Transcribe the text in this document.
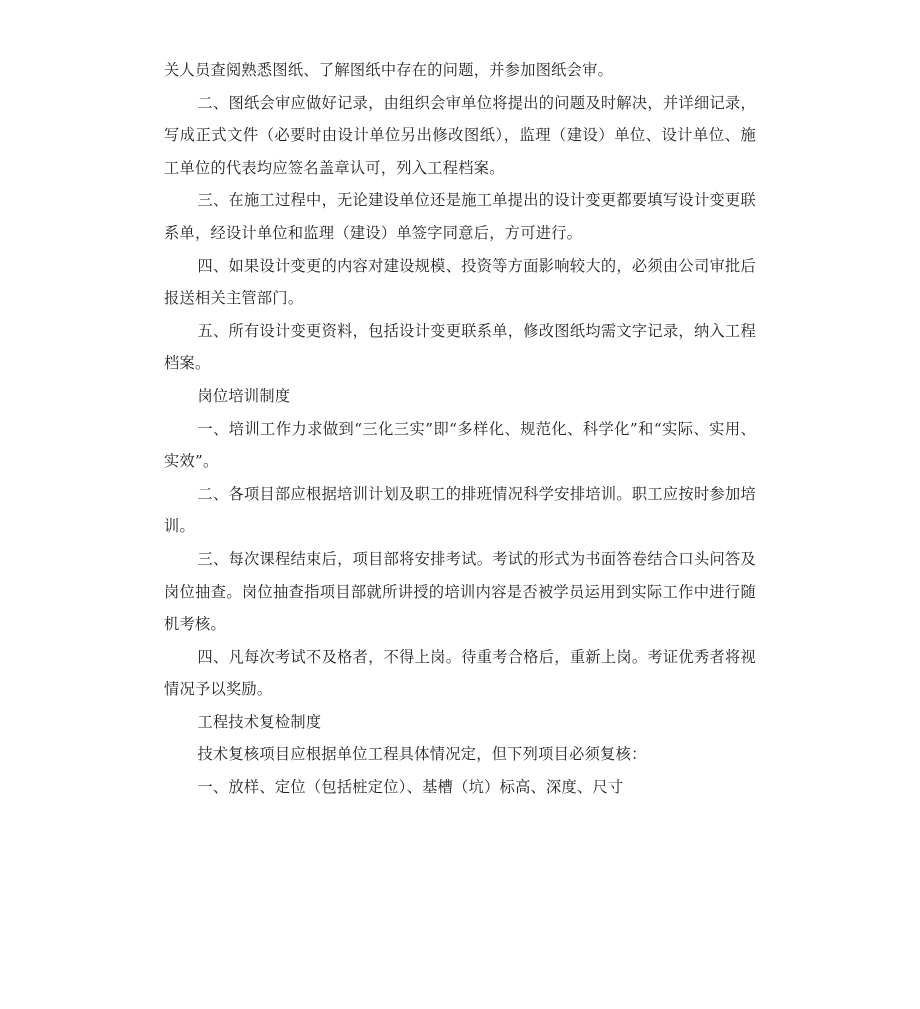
关人员查阅熟悉图纸、了解图纸中存在的问题，并参加图纸会审。

二、图纸会审应做好记录，由组织会审单位将提出的问题及时解决，并详细记录，写成正式文件（必要时由设计单位另出修改图纸），监理（建设）单位、设计单位、施工单位的代表均应签名盖章认可，列入工程档案。

三、在施工过程中，无论建设单位还是施工单提出的设计变更都要填写设计变更联系单，经设计单位和监理（建设）单签字同意后，方可进行。

四、如果设计变更的内容对建设规模、投资等方面影响较大的，必须由公司审批后报送相关主管部门。

五、所有设计变更资料，包括设计变更联系单，修改图纸均需文字记录，纳入工程档案。

岗位培训制度

一、培训工作力求做到“三化三实”即“多样化、规范化、科学化”和“实际、实用、实效”。

二、各项目部应根据培训计划及职工的排班情况科学安排培训。职工应按时参加培训。

三、每次课程结束后，项目部将安排考试。考试的形式为书面答卷结合口头问答及岗位抽查。岗位抽查指项目部就所讲授的培训内容是否被学员运用到实际工作中进行随机考核。

四、凡每次考试不及格者，不得上岗。待重考合格后，重新上岗。考证优秀者将视情况予以奖励。

工程技术复检制度

技术复核项目应根据单位工程具体情况定，但下列项目必须复核：

一、放样、定位（包括桩定位）、基槽（坑）标高、深度、尺寸
